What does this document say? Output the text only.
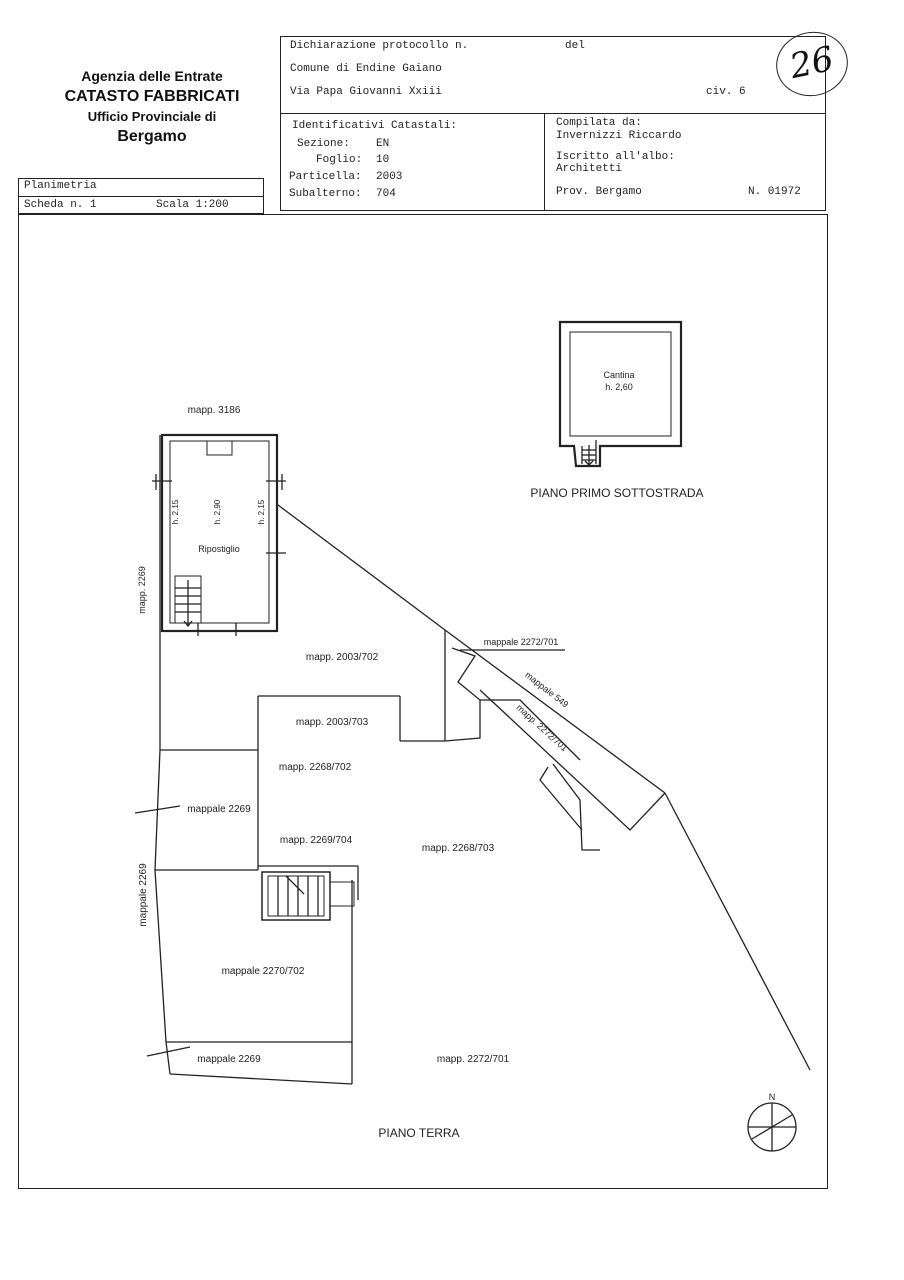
Agenzia delle Entrate
CATASTO FABBRICATI
Ufficio Provinciale di
Bergamo
Dichiarazione protocollo n.	del
Comune di Endine Gaiano
Via Papa Giovanni Xxiii	civ. 6
Identificativi Catastali:
Sezione: EN
Foglio: 10
Particella: 2003
Subalterno: 704
Compilata da:
Invernizzi Riccardo
Iscritto all'albo:
Architetti
Prov. Bergamo	N. 01972
26
Planimetria
Scheda n. 1	Scala 1:200
Cantina
h. 2,60
PIANO PRIMO SOTTOSTRADA
mapp. 3186
h. 2,15	h. 2,90	h. 2,15
Ripostiglio
mapp. 2269
mappale 2272/701
mapp. 2003/702
mappale 549
mapp. 2003/703	mapp. 2272/701
mapp. 2268/702
mappale 2269
mapp. 2269/704
mapp. 2268/703
mappale 2269
mappale 2270/702
mappale 2269	mapp. 2272/701
PIANO TERRA
N
